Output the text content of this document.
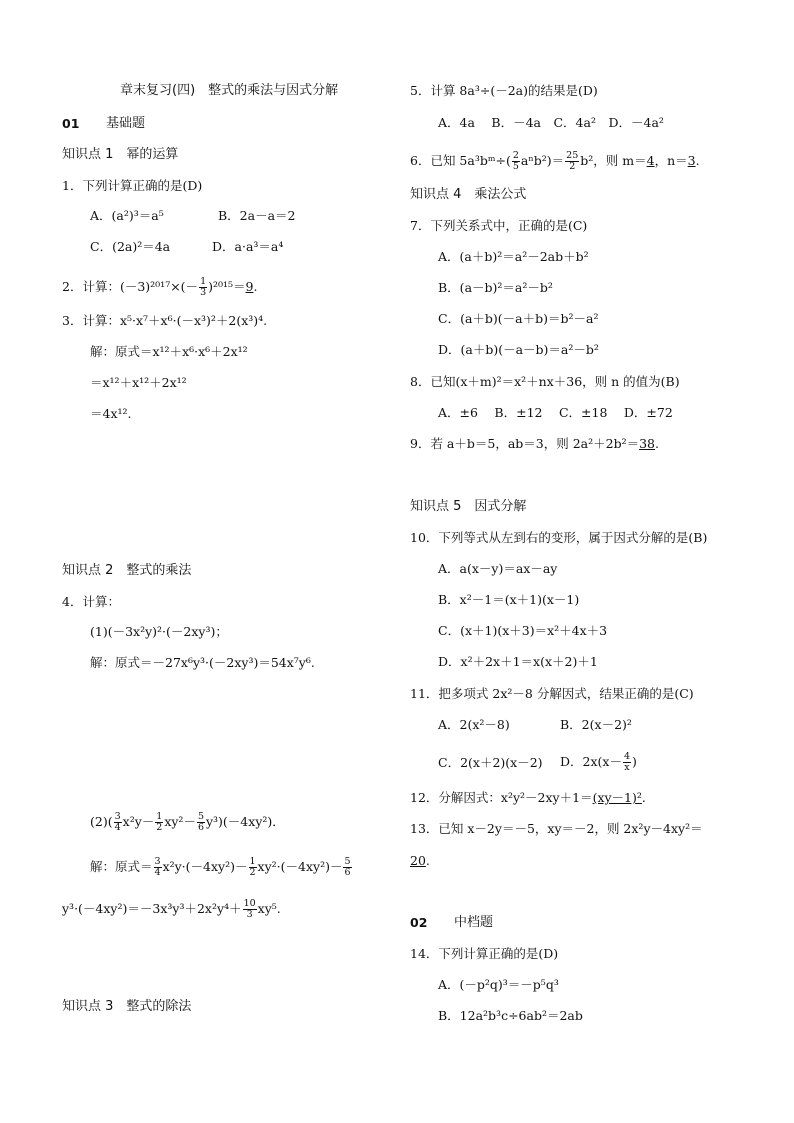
章末复习(四)　整式的乘法与因式分解
01 基础题
知识点 1　幂的运算
1．下列计算正确的是(D)
A．(a²)³＝a⁵	B．2a－a＝2
C．(2a)²＝4a	D．a·a³＝a⁴
2．计算：$(-3)^{2017}\times(- \frac{1}{3} )^{2015}=9$.
3．计算：x⁵·x⁷＋x⁶·(－x³)²＋2(x³)⁴.
解：原式＝x¹²＋x⁶·x⁶＋2x¹²
＝x¹²＋x¹²＋2x¹²
＝4x¹².
知识点 2　整式的乘法
4．计算：
(1)(－3x²y)²·(－2xy³)；
解：原式＝－27x⁶y³·(－2xy³)＝54x⁷y⁶.
$(2)( \frac{3}{4} x^2y- \frac{1}{2} xy^2- \frac{5}{6} y^3)(-4xy^2)$．
解：原式＝ $\frac{3}{4} x^2y\cdot(-4xy^2)- \frac{1}{2} xy^2\cdot(-4xy^2)- \frac{5}{6}$
$y^3\cdot(-4xy^2)=-3x^3y^3+2x^2y^4+ \frac{10}{3} xy^5$.
知识点 3　整式的除法
5．计算 8a³÷(－2a)的结果是(D)
A．4a　 B．－4a　C．4a²　D．－4a²
6．已知 5a³bᵐ÷( $\frac{2}{5} a^nb^2)= \frac{25}{2} b^2$，则 m＝4，n＝3.
知识点 4　乘法公式
7．下列关系式中，正确的是(C)
A．(a＋b)²＝a²－2ab＋b²
B．(a－b)²＝a²－b²
C．(a＋b)(－a＋b)＝b²－a²
D．(a＋b)(－a－b)＝a²－b²
8．已知(x＋m)²＝x²＋nx＋36，则 n 的值为(B)
A．±6　 B．±12　 C．±18　 D．±72
9．若 a＋b＝5，ab＝3，则 2a²＋2b²＝38.
知识点 5　因式分解
10．下列等式从左到右的变形，属于因式分解的是(B)
A．a(x－y)＝ax－ay
B．x²－1＝(x＋1)(x－1)
C．(x＋1)(x＋3)＝x²＋4x＋3
D．x²＋2x＋1＝x(x＋2)＋1
11．把多项式 2x²－8 分解因式，结果正确的是(C)
A．2(x²－8)	B．2(x－2)²
C．2(x＋2)(x－2) D．$2x(x- \frac{4}{x}$ )
12．分解因式：x²y²－2xy＋1＝(xy－1)².
13．已知 x－2y＝－5，xy＝－2，则 2x²y－4xy²＝
20.
02 中档题
14．下列计算正确的是(D)
A．(－p²q)³＝－p⁵q³
B．12a²b³c÷6ab²＝2ab
